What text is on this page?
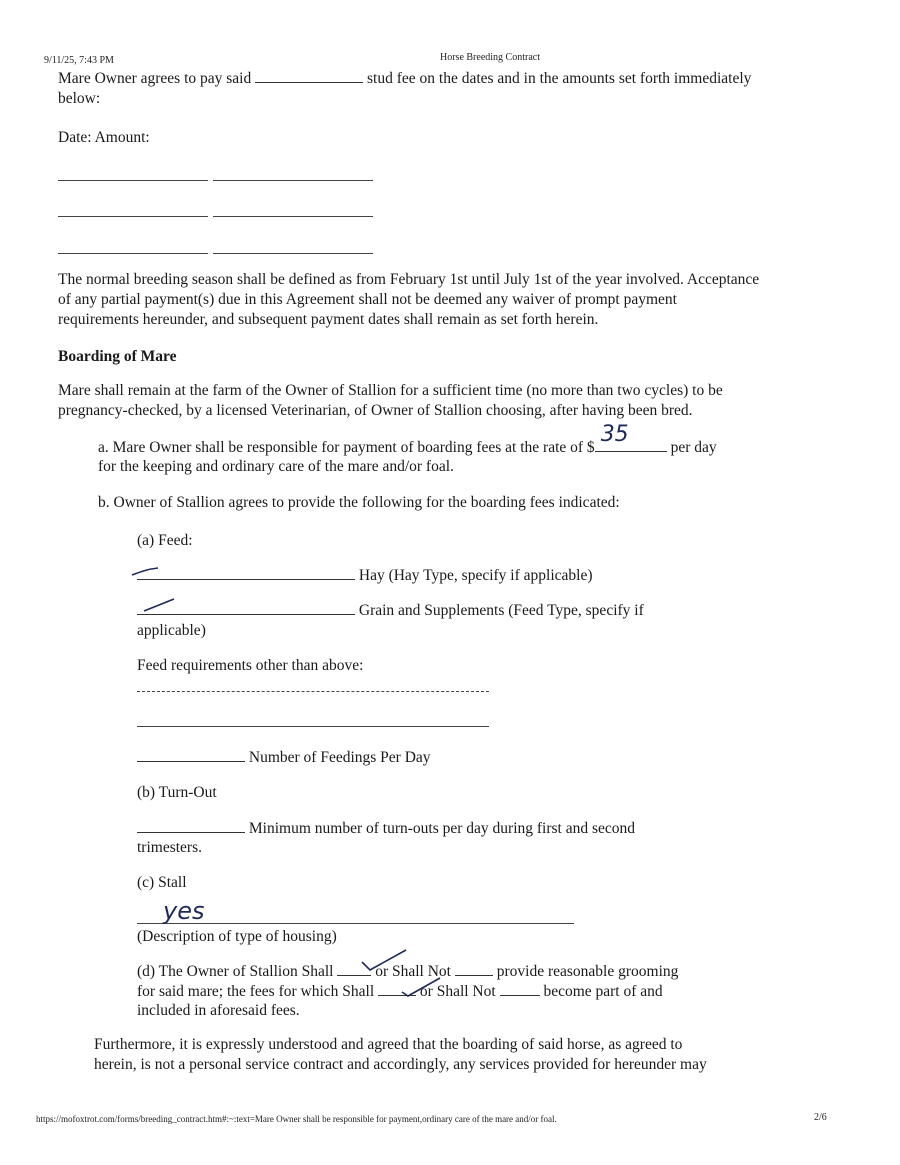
9/11/25, 7:43 PM	Horse Breeding Contract
Mare Owner agrees to pay said	stud fee on the dates and in the amounts set forth immediately
below:
Date: Amount:
The normal breeding season shall be defined as from February 1st until July 1st of the year involved. Acceptance
of any partial payment(s) due in this Agreement shall not be deemed any waiver of prompt payment
requirements hereunder, and subsequent payment dates shall remain as set forth herein.
Boarding of Mare
Mare shall remain at the farm of the Owner of Stallion for a sufficient time (no more than two cycles) to be
pregnancy-checked, by a licensed Veterinarian, of Owner of Stallion choosing, after having been bred.
a. Mare Owner shall be responsible for payment of boarding fees at the rate of $
35
per day
for the keeping and ordinary care of the mare and/or foal.
b. Owner of Stallion agrees to provide the following for the boarding fees indicated:
(a) Feed:
Hay (Hay Type, specify if applicable)
Grain and Supplements (Feed Type, specify if
applicable)
Feed requirements other than above:
Number of Feedings Per Day
(b) Turn-Out
Minimum number of turn-outs per day during first and second
trimesters.
(c) Stall
yes
(Description of type of housing)
(d) The Owner of Stallion Shall	or Shall Not	provide reasonable grooming
for said mare; the fees for which Shall	or Shall Not	become part of and
included in aforesaid fees.
Furthermore, it is expressly understood and agreed that the boarding of said horse, as agreed to
herein, is not a personal service contract and accordingly, any services provided for hereunder may
https://mofoxtrot.com/forms/breeding_contract.htm#:~:text=Mare Owner shall be responsible for payment,ordinary care of the mare and/or foal.	2/6
